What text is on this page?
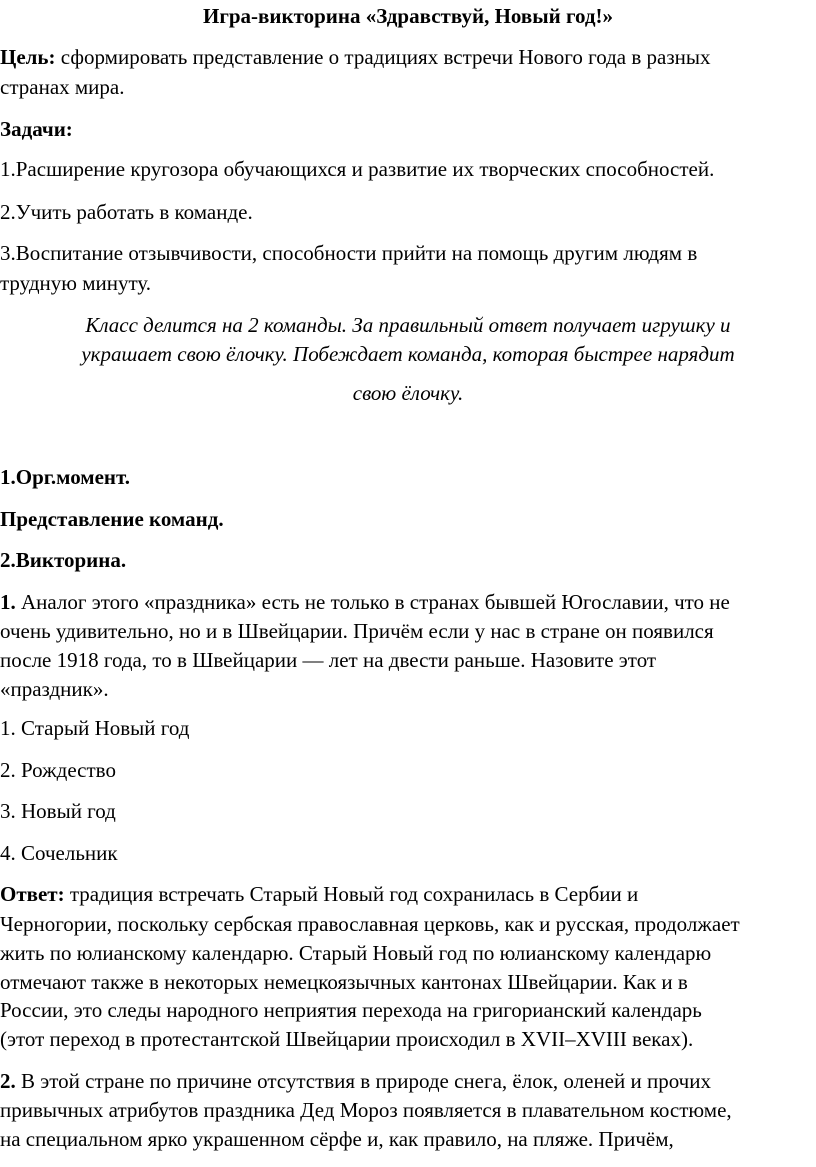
Игра-викторина «Здравствуй, Новый год!»
Цель: сформировать представление о традициях встречи Нового года в разных
странах мира.
Задачи:
1.Расширение кругозора обучающихся и развитие их творческих способностей.
2.Учить работать в команде.
3.Воспитание отзывчивости, способности прийти на помощь другим людям в
трудную минуту.
Класс делится на 2 команды. За правильный ответ получает игрушку и
украшает свою ёлочку. Побеждает команда, которая быстрее нарядит
свою ёлочку.
1.Орг.момент.
Представление команд.
2.Викторина.
1. Аналог этого «праздника» есть не только в странах бывшей Югославии, что не
очень удивительно, но и в Швейцарии. Причём если у нас в стране он появился
после 1918 года, то в Швейцарии — лет на двести раньше. Назовите этот
«праздник».
1. Старый Новый год
2. Рождество
3. Новый год
4. Сочельник
Ответ: традиция встречать Старый Новый год сохранилась в Сербии и
Черногории, поскольку сербская православная церковь, как и русская, продолжает
жить по юлианскому календарю. Старый Новый год по юлианскому календарю
отмечают также в некоторых немецкоязычных кантонах Швейцарии. Как и в
России, это следы народного неприятия перехода на григорианский календарь
(этот переход в протестантской Швейцарии происходил в XVII–XVIII веках).
2. В этой стране по причине отсутствия в природе снега, ёлок, оленей и прочих
привычных атрибутов праздника Дед Мороз появляется в плавательном костюме,
на специальном ярко украшенном сёрфе и, как правило, на пляже. Причём,
